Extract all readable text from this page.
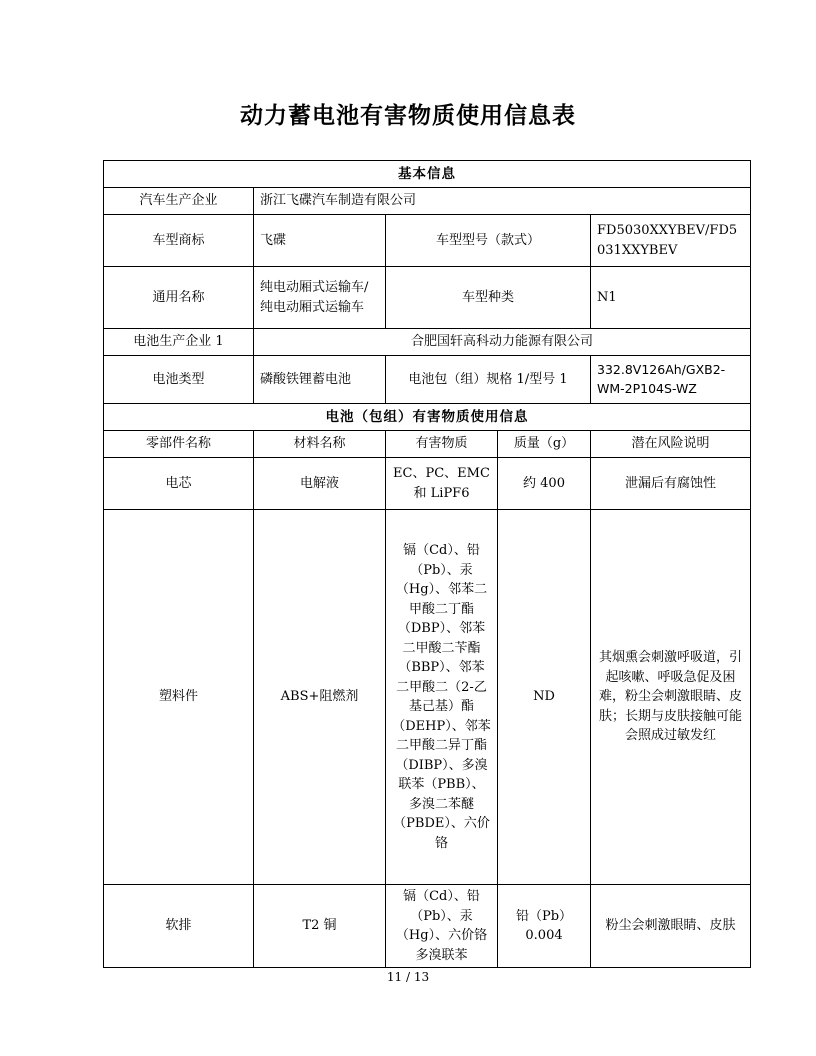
动力蓄电池有害物质使用信息表
基本信息				
汽车生产企业	浙江飞碟汽车制造有限公司			
车型商标	飞碟	车型型号（款式）		FD5030XXYBEV/FD5031XXYBEV
通用名称	纯电动厢式运输车/纯电动厢式运输车	车型种类		N1
电池生产企业 1	合肥国轩高科动力能源有限公司			
电池类型	磷酸铁锂蓄电池	电池包（组）规格 1/型号 1		332.8V126Ah/GXB2-WM-2P104S-WZ
电池（包组）有害物质使用信息				
零部件名称	材料名称	有害物质	质量（g）	潜在风险说明
电芯	电解液	EC、PC、EMC 和 LiPF6	约 400	泄漏后有腐蚀性
塑料件	ABS+阻燃剂	镉（Cd）、铅（Pb）、汞（Hg）、邻苯二甲酸二丁酯（DBP）、邻苯二甲酸二苄酯（BBP）、邻苯二甲酸二（2-乙基己基）酯（DEHP）、邻苯二甲酸二异丁酯（DIBP）、多溴联苯（PBB）、多溴二苯醚（PBDE）、六价铬	ND	其烟熏会刺激呼吸道，引起咳嗽、呼吸急促及困难，粉尘会刺激眼睛、皮肤；长期与皮肤接触可能会照成过敏发红
软排	T2 铜	镉（Cd）、铅（Pb）、汞（Hg）、六价铬多溴联苯	铅（Pb）0.004	粉尘会刺激眼睛、皮肤
11 / 13
